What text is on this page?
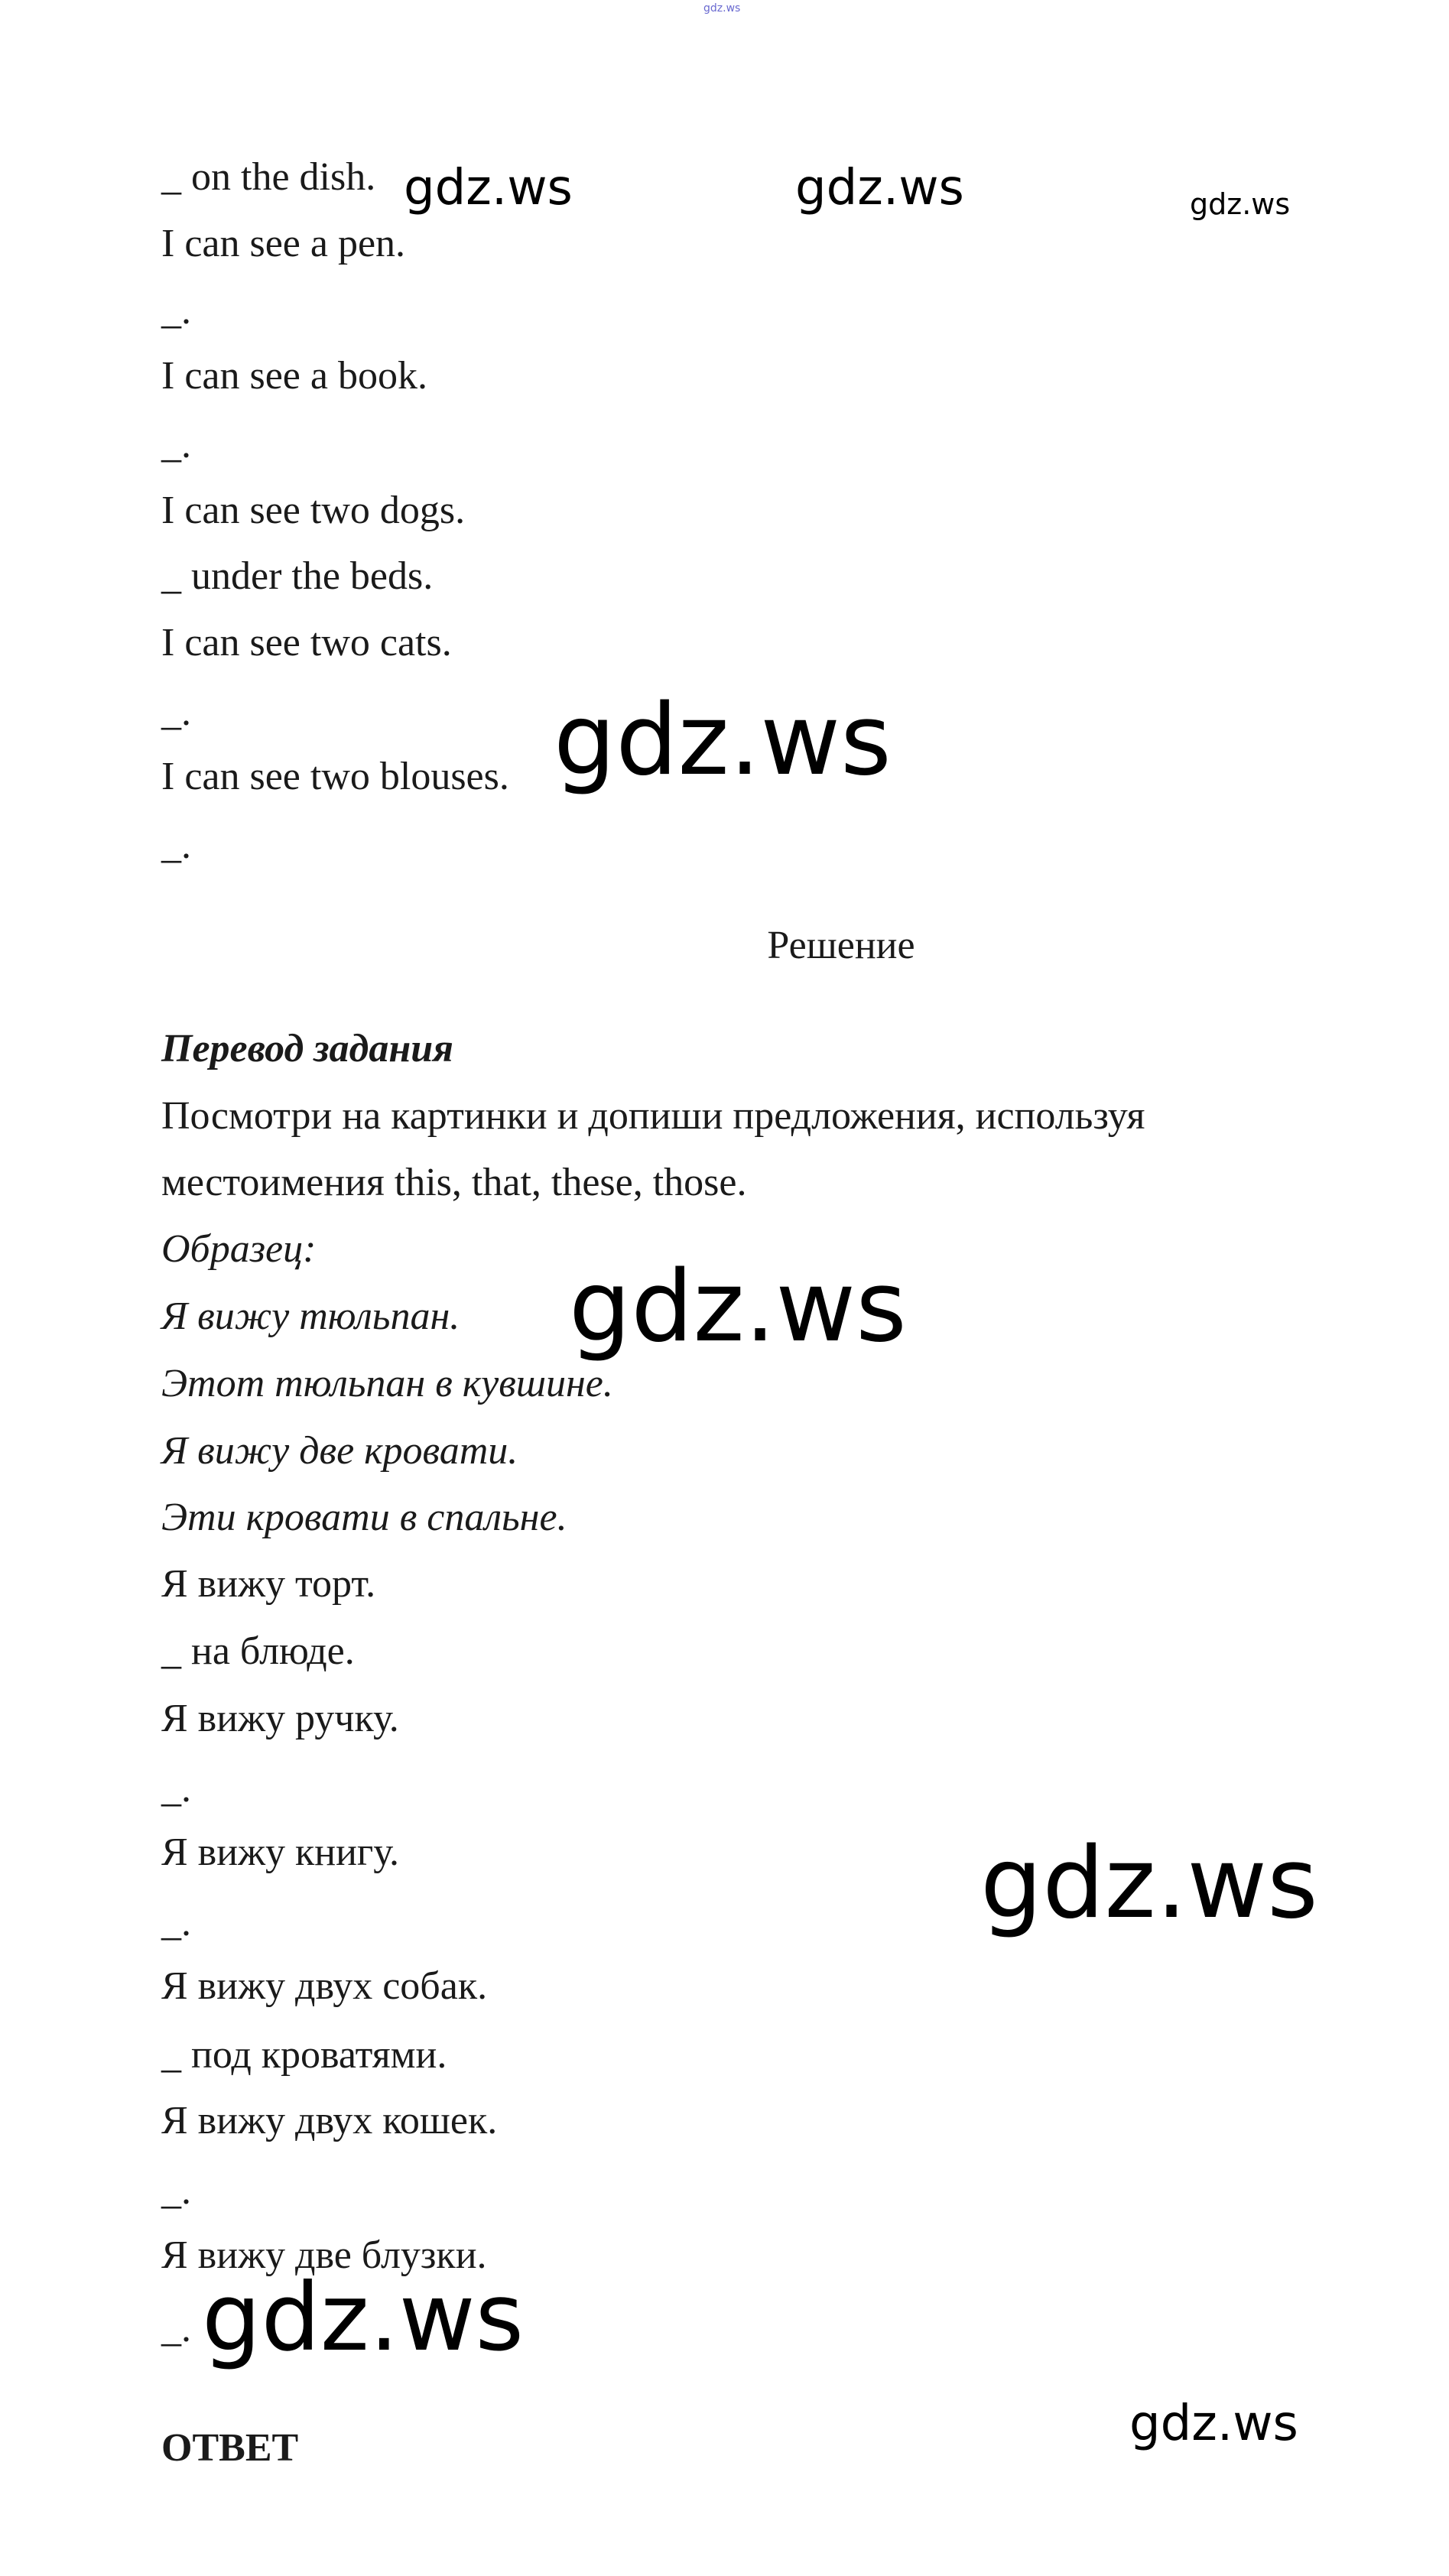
gdz.ws
gdz.ws	gdz.ws	gdz.ws
gdz.ws
gdz.ws
gdz.ws
gdz.ws
gdz.ws
_ on the dish.
I can see a pen.
_.
I can see a book.
_.
I can see two dogs.
_ under the beds.
I can see two cats.
_.
I can see two blouses.
_.
Решение
Перевод задания
Посмотри на картинки и допиши предложения, используя
местоимения this, that, these, those.
Образец:
Я вижу тюльпан.
Этот тюльпан в кувшине.
Я вижу две кровати.
Эти кровати в спальне.
Я вижу торт.
_ на блюде.
Я вижу ручку.
_.
Я вижу книгу.
_.
Я вижу двух собак.
_ под кроватями.
Я вижу двух кошек.
_.
Я вижу две блузки.
_.
ОТВЕТ
